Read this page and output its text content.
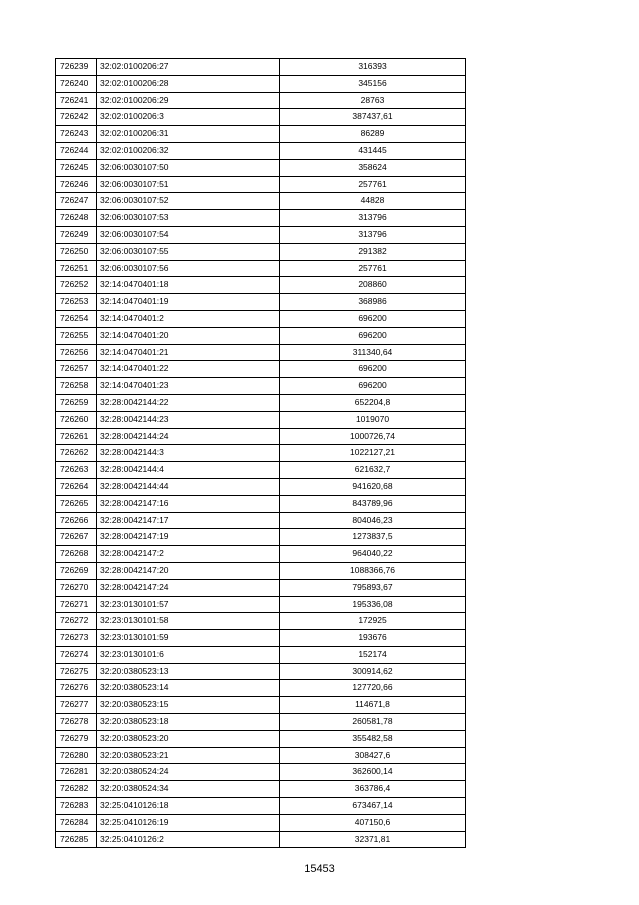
726239	32:02:0100206:27	316393
726240	32:02:0100206:28	345156
726241	32:02:0100206:29	28763
726242	32:02:0100206:3	387437,61
726243	32:02:0100206:31	86289
726244	32:02:0100206:32	431445
726245	32:06:0030107:50	358624
726246	32:06:0030107:51	257761
726247	32:06:0030107:52	44828
726248	32:06:0030107:53	313796
726249	32:06:0030107:54	313796
726250	32:06:0030107:55	291382
726251	32:06:0030107:56	257761
726252	32:14:0470401:18	208860
726253	32:14:0470401:19	368986
726254	32:14:0470401:2	696200
726255	32:14:0470401:20	696200
726256	32:14:0470401:21	311340,64
726257	32:14:0470401:22	696200
726258	32:14:0470401:23	696200
726259	32:28:0042144:22	652204,8
726260	32:28:0042144:23	1019070
726261	32:28:0042144:24	1000726,74
726262	32:28:0042144:3	1022127,21
726263	32:28:0042144:4	621632,7
726264	32:28:0042144:44	941620,68
726265	32:28:0042147:16	843789,96
726266	32:28:0042147:17	804046,23
726267	32:28:0042147:19	1273837,5
726268	32:28:0042147:2	964040,22
726269	32:28:0042147:20	1088366,76
726270	32:28:0042147:24	795893,67
726271	32:23:0130101:57	195336,08
726272	32:23:0130101:58	172925
726273	32:23:0130101:59	193676
726274	32:23:0130101:6	152174
726275	32:20:0380523:13	300914,62
726276	32:20:0380523:14	127720,66
726277	32:20:0380523:15	114671,8
726278	32:20:0380523:18	260581,78
726279	32:20:0380523:20	355482,58
726280	32:20:0380523:21	308427,6
726281	32:20:0380524:24	362600,14
726282	32:20:0380524:34	363786,4
726283	32:25:0410126:18	673467,14
726284	32:25:0410126:19	407150,6
726285	32:25:0410126:2	32371,81
15453
